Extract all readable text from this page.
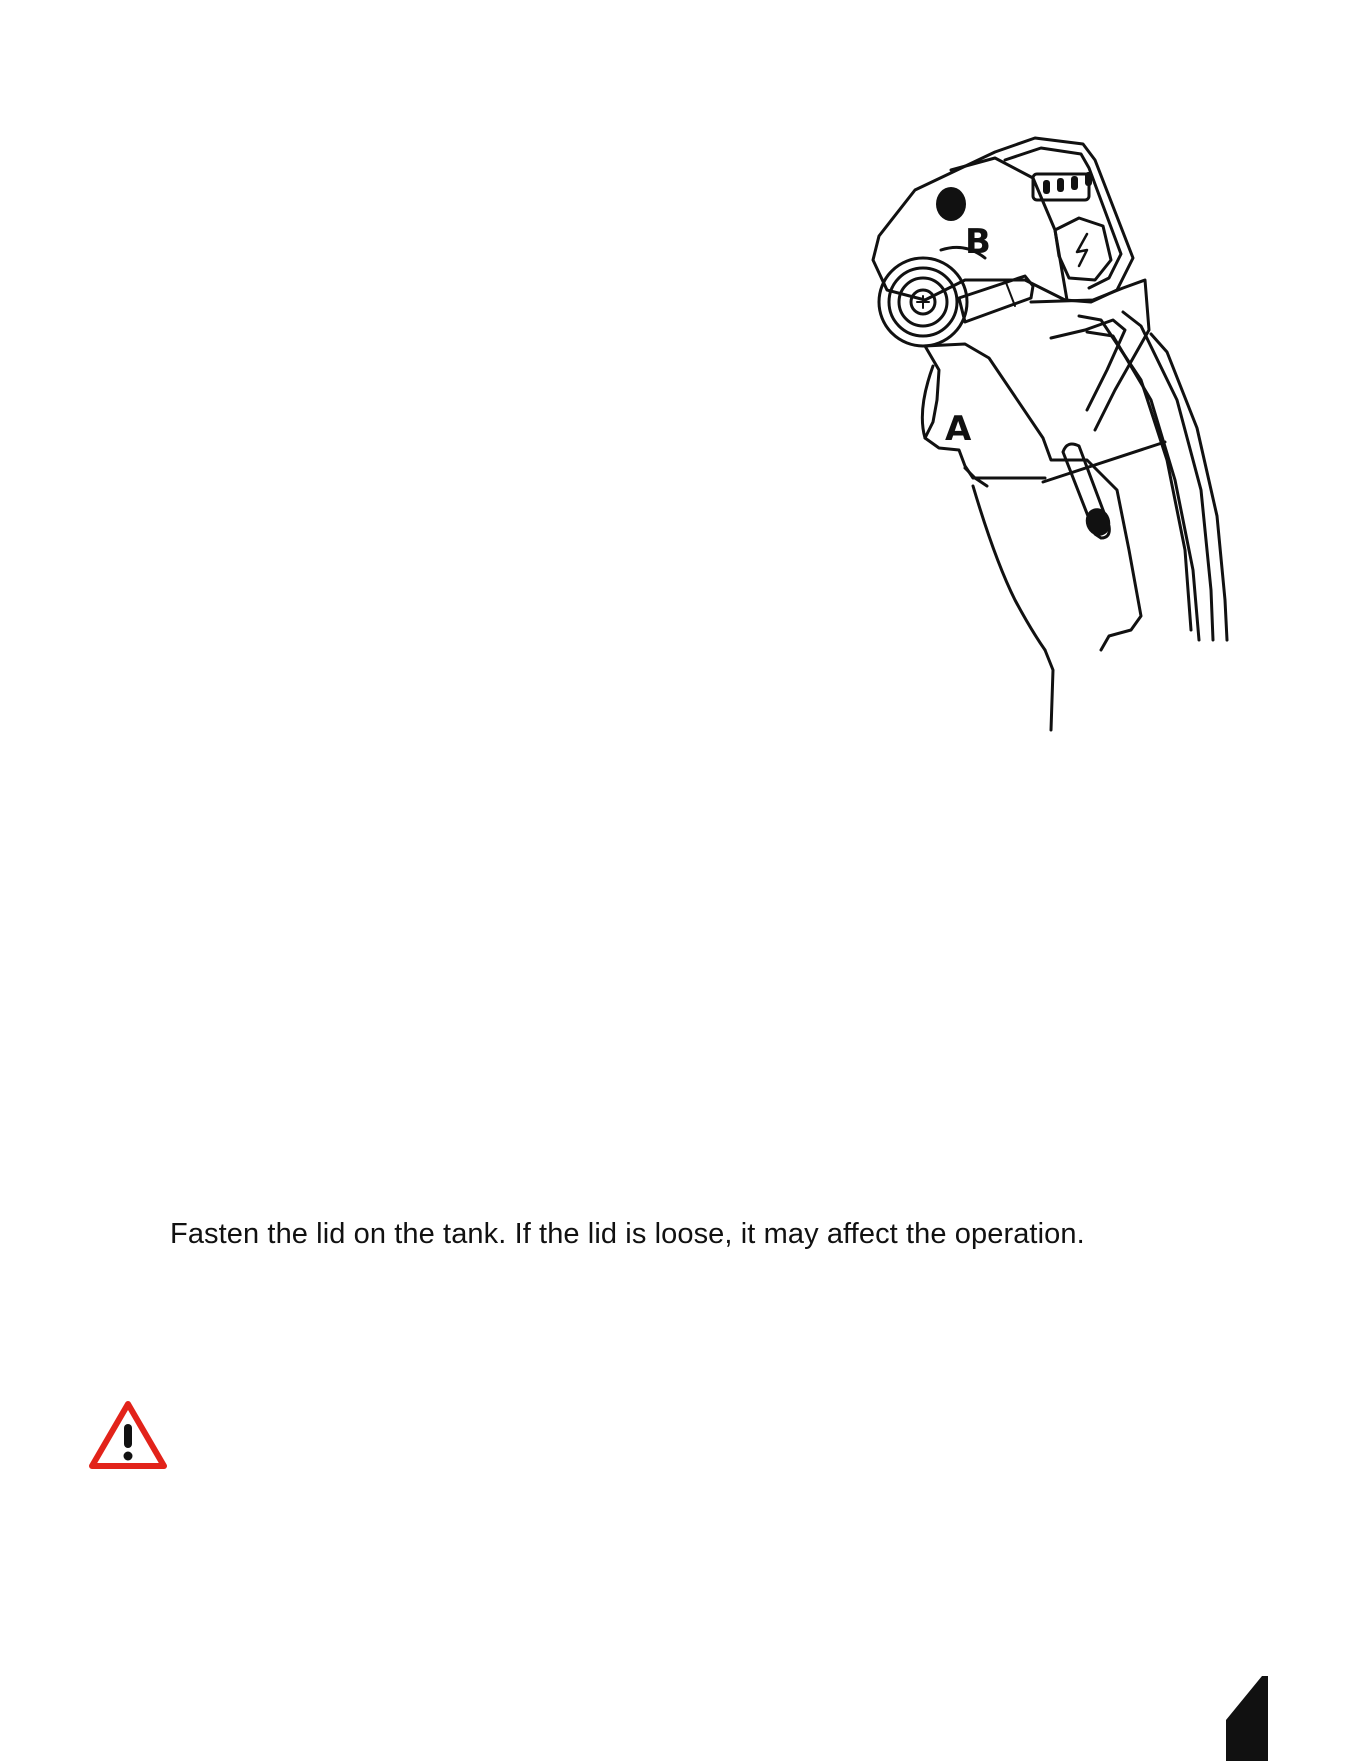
B
A
Fasten the lid on the tank. If the lid is loose, it may affect the operation.
